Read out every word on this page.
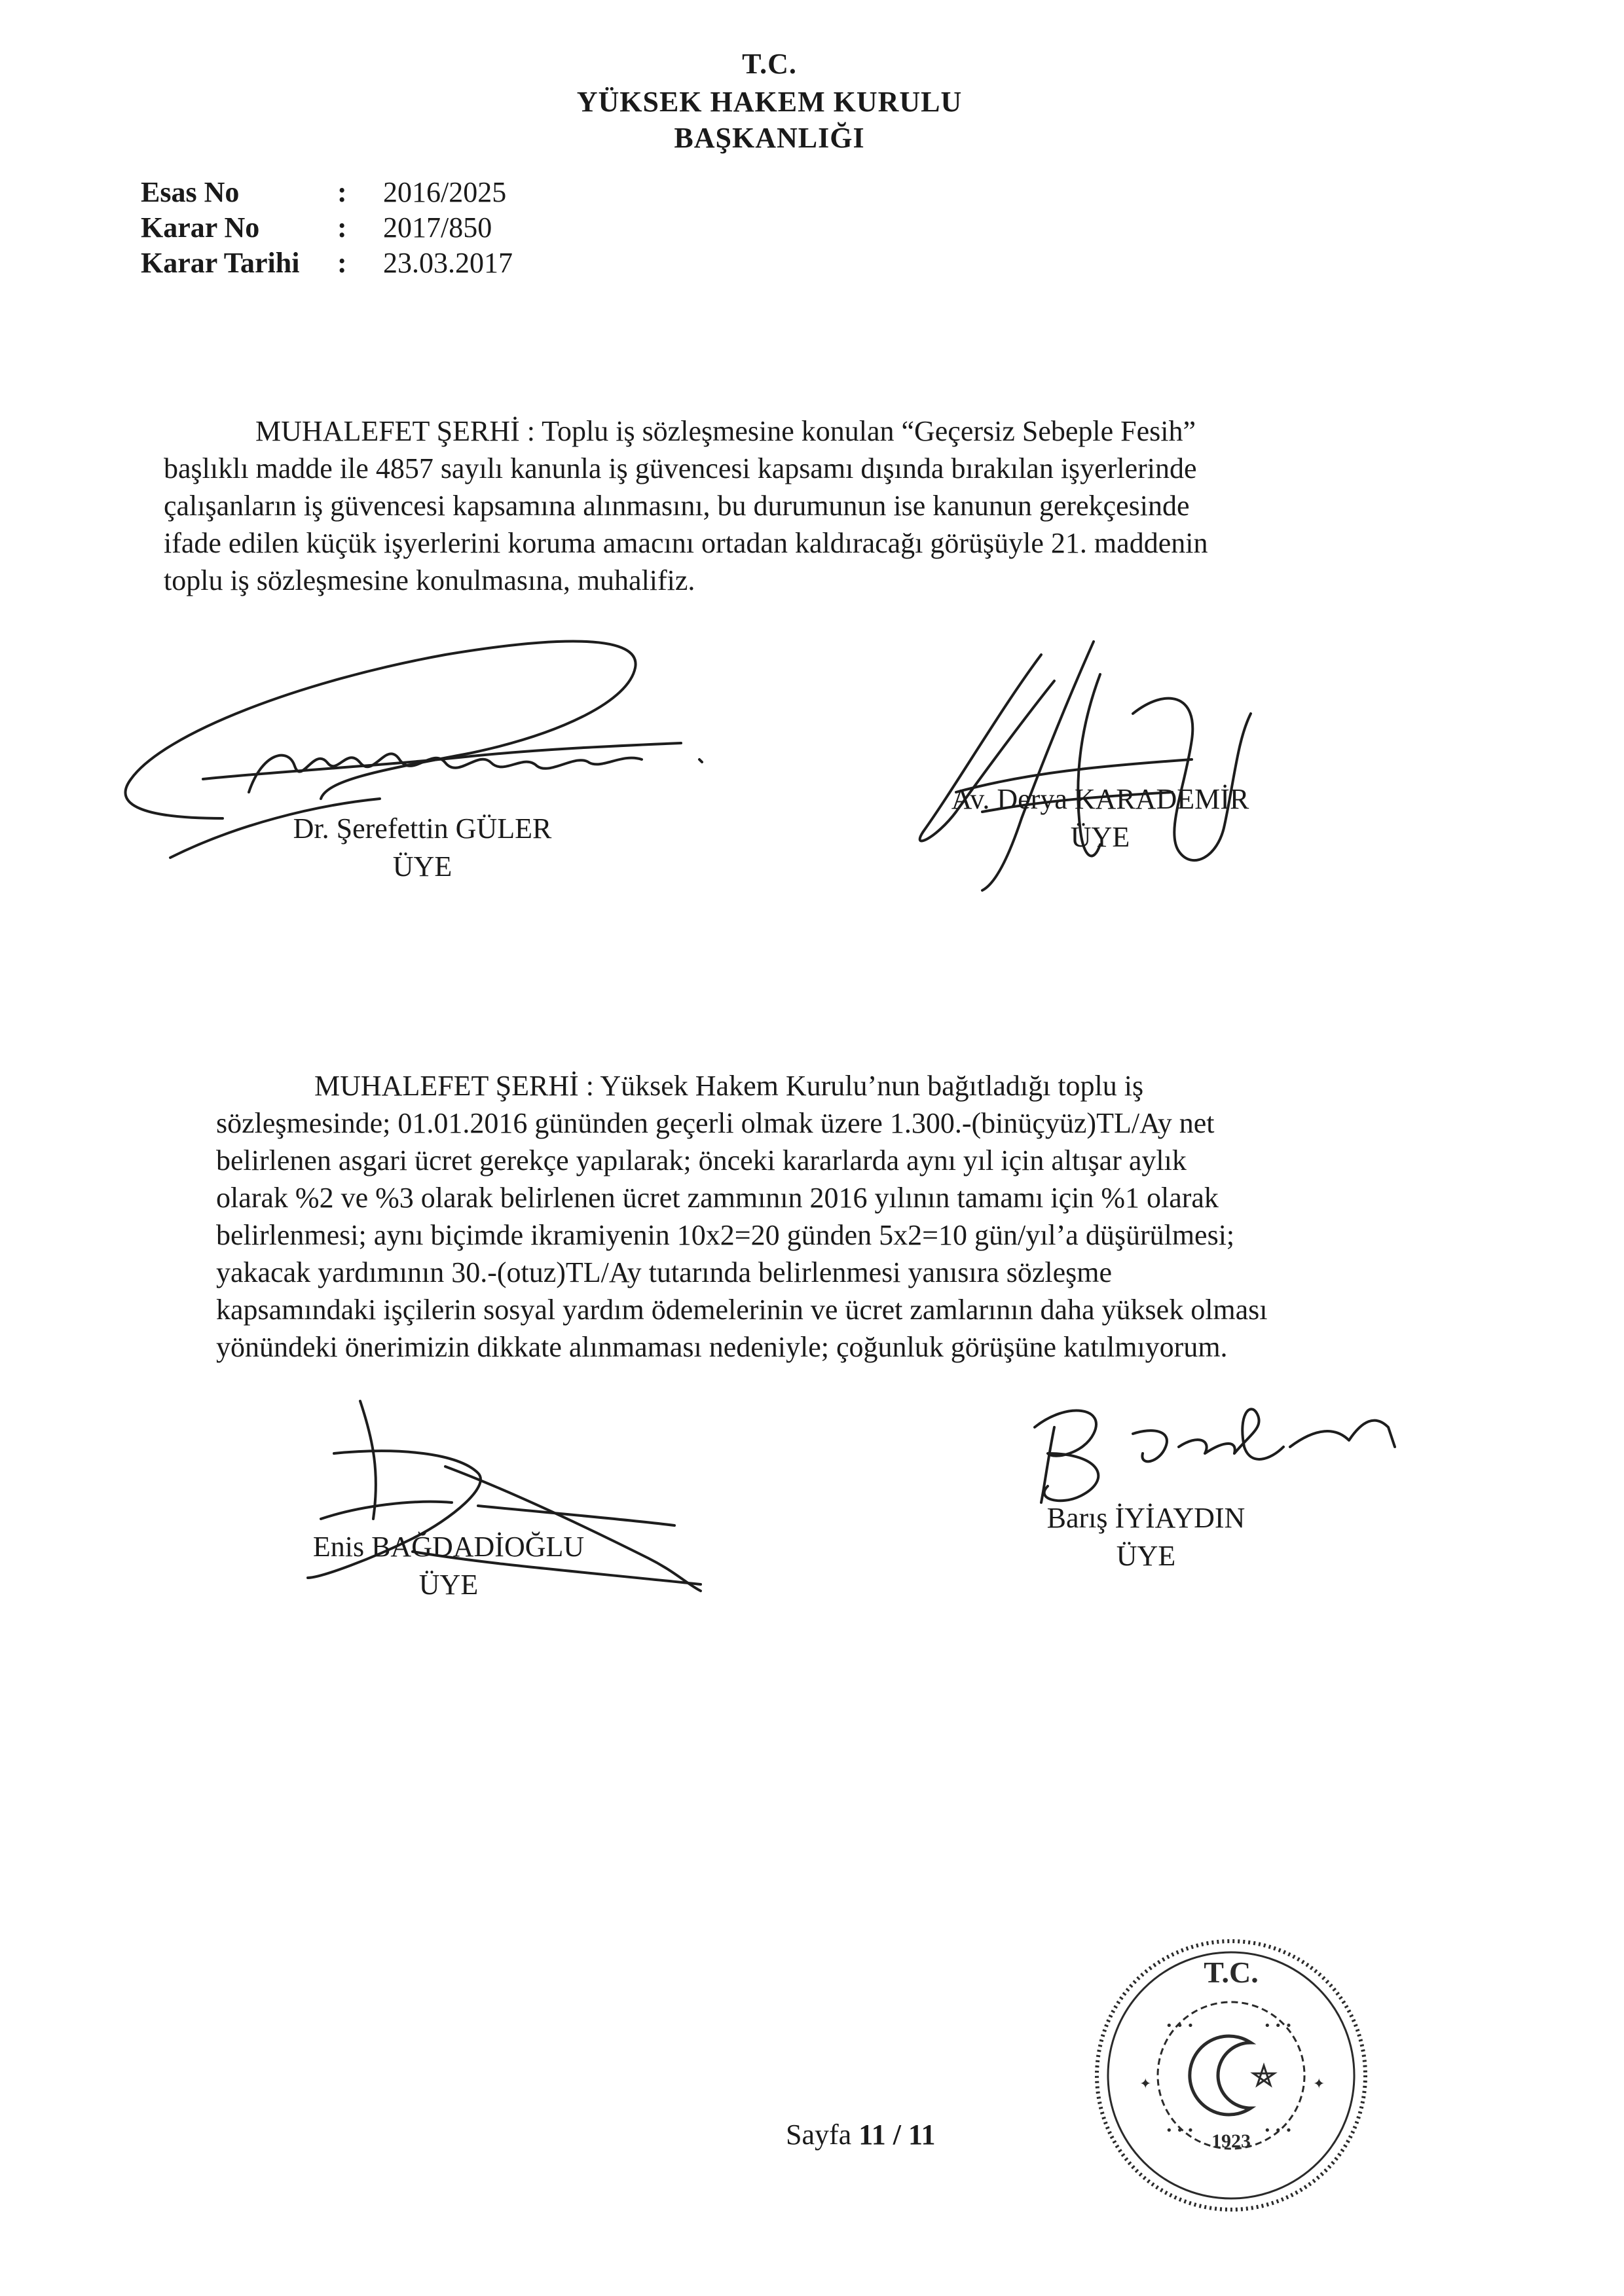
T.C.
YÜKSEK HAKEM KURULU
BAŞKANLIĞI
Esas No	: 2016/2025
Karar No	: 2017/850
Karar Tarihi : 23.03.2017

MUHALEFET ŞERHİ : Toplu iş sözleşmesine konulan “Geçersiz Sebeple Fesih”

başlıklı madde ile 4857 sayılı kanunla iş güvencesi kapsamı dışında bırakılan işyerlerinde

çalışanların iş güvencesi kapsamına alınmasını, bu durumunun ise kanunun gerekçesinde

ifade edilen küçük işyerlerini koruma amacını ortadan kaldıracağı görüşüyle 21. maddenin

toplu iş sözleşmesine konulmasına, muhalifiz.

Dr. Şerefettin GÜLER
ÜYE
Av. Derya KARADEMİR
ÜYE

MUHALEFET ŞERHİ : Yüksek Hakem Kurulu’nun bağıtladığı toplu iş

sözleşmesinde; 01.01.2016 gününden geçerli olmak üzere 1.300.-(binüçyüz)TL/Ay net

belirlenen asgari ücret gerekçe yapılarak; önceki kararlarda aynı yıl için altışar aylık

olarak %2 ve %3 olarak belirlenen ücret zammının 2016 yılının tamamı için %1 olarak

belirlenmesi; aynı biçimde ikramiyenin 10x2=20 günden 5x2=10 gün/yıl’a düşürülmesi;

yakacak yardımının 30.-(otuz)TL/Ay tutarında belirlenmesi yanısıra sözleşme

kapsamındaki işçilerin sosyal yardım ödemelerinin ve ücret zamlarının daha yüksek olması

yönündeki önerimizin dikkate alınmaması nedeniyle; çoğunluk görüşüne katılmıyorum.

Enis BAĞDADİOĞLU
ÜYE
Barış İYİAYDIN
ÜYE
T.C.
1923
✦	✦
• • •	• • •
• • •	• • •
Sayfa 11 / 11
